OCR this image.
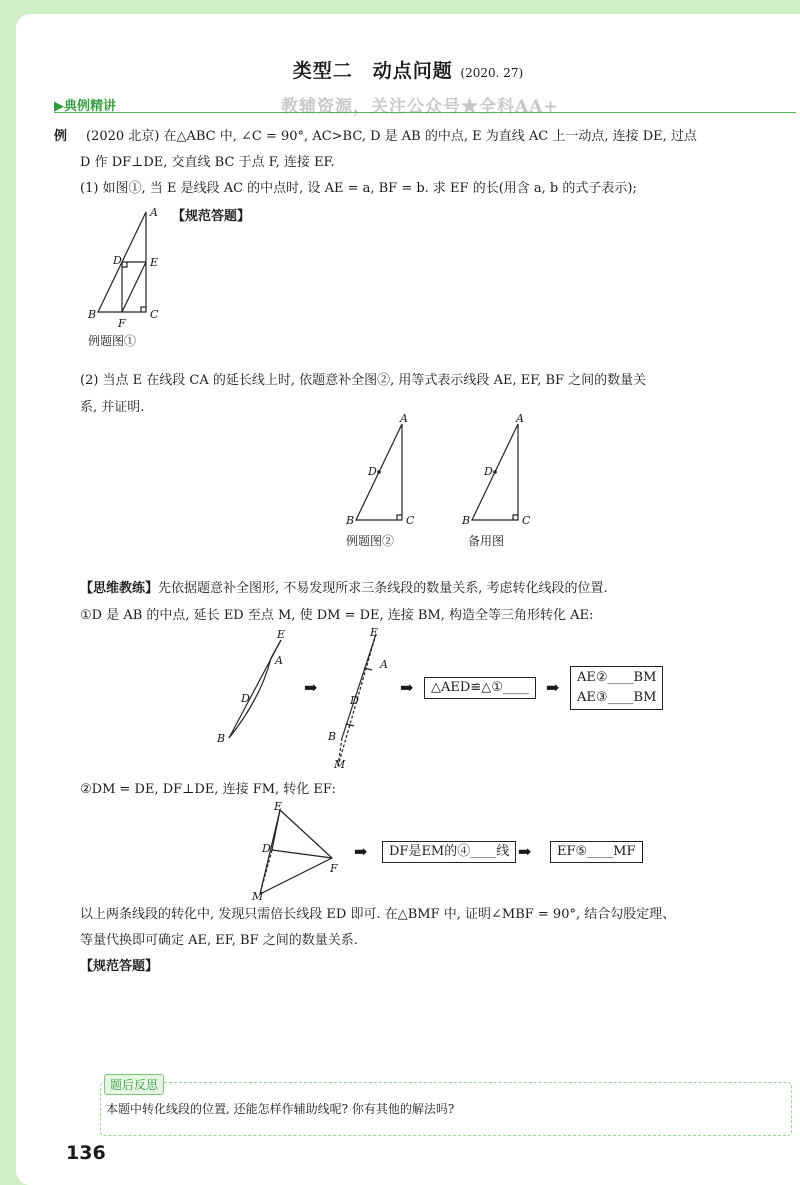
类型二　动点问题 (2020. 27)
▶典例精讲	教辅资源，关注公众号★全科AA+
例 (2020 北京) 在△ABC 中, ∠C = 90°, AC>BC, D 是 AB 的中点, E 为直线 AC 上一动点, 连接 DE, 过点
D 作 DF⊥DE, 交直线 BC 于点 F, 连接 EF.
(1) 如图①, 当 E 是线段 AC 的中点时, 设 AE = a, BF = b. 求 EF 的长(用含 a, b 的式子表示);
【规范答题】
A
D	E
B	C
F
例题图①
(2) 当点 E 在线段 CA 的延长线上时, 依题意补全图②, 用等式表示线段 AE, EF, BF 之间的数量关
系, 并证明.
A
D
B	C
例题图②
A
D
B	C
备用图
【思维教练】先依据题意补全图形, 不易发现所求三条线段的数量关系, 考虑转化线段的位置.
①D 是 AB 的中点, 延长 ED 至点 M, 使 DM = DE, 连接 BM, 构造全等三角形转化 AE:
E
A
D
B
➡
E
A
D
B
M
➡	△AED≌△①____	➡
AE②____BM
AE③____BM
②DM = DE, DF⊥DE, 连接 FM, 转化 EF:
E
D
F
M
➡	DF是EM的④____线 ➡	EF⑤____MF
以上两条线段的转化中, 发现只需倍长线段 ED 即可. 在△BMF 中, 证明∠MBF = 90°, 结合勾股定理、
等量代换即可确定 AE, EF, BF 之间的数量关系.
【规范答题】
题后反思
本题中转化线段的位置, 还能怎样作辅助线呢? 你有其他的解法吗?
136
